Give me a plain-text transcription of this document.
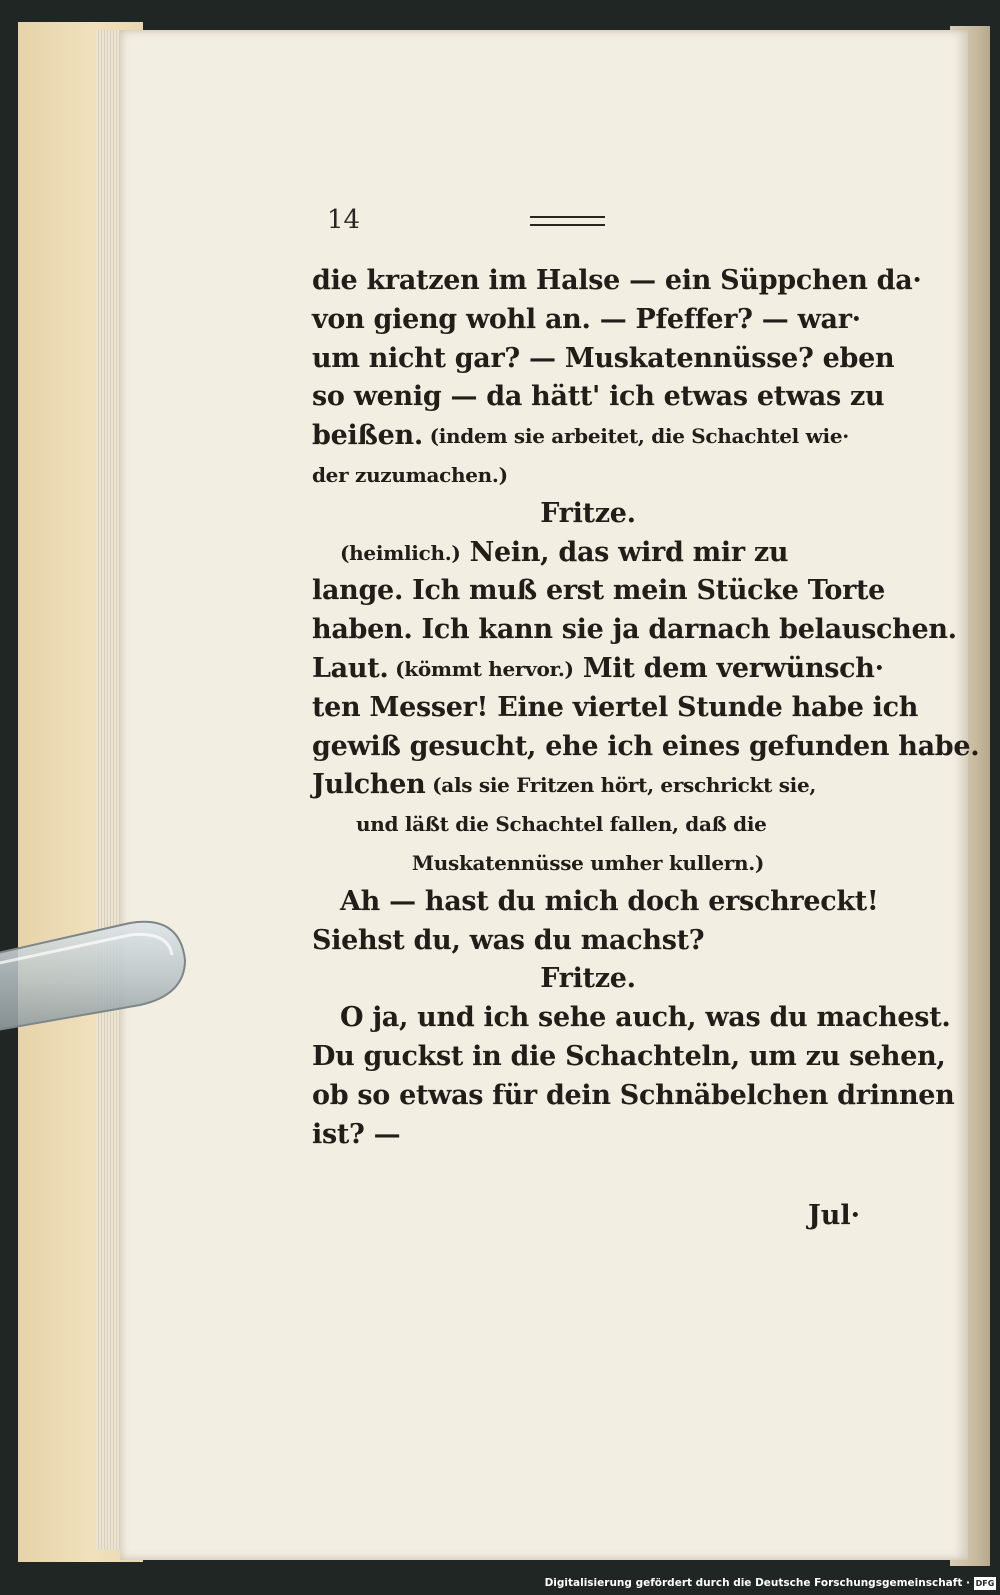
14
die kratzen im Halse — ein Süppchen da·
von gieng wohl an. — Pfeffer? — war·
um nicht gar? — Muskatennüsse? eben
so wenig — da hätt' ich etwas etwas zu
beißen. (indem sie arbeitet, die Schachtel wie·
der zuzumachen.)
Fritze.
(heimlich.) Nein, das wird mir zu
lange. Ich muß erst mein Stücke Torte
haben. Ich kann sie ja darnach belauschen.
Laut. (kömmt hervor.) Mit dem verwünsch·
ten Messer! Eine viertel Stunde habe ich
gewiß gesucht, ehe ich eines gefunden habe.
Julchen (als sie Fritzen hört, erschrickt sie,
und läßt die Schachtel fallen, daß die
Muskatennüsse umher kullern.)
Ah — hast du mich doch erschreckt!
Siehst du, was du machst?
Fritze.
O ja, und ich sehe auch, was du machest.
Du guckst in die Schachteln, um zu sehen,
ob so etwas für dein Schnäbelchen drinnen
ist? —
Jul·
Digitalisierung gefördert durch die Deutsche Forschungsgemeinschaft · DFG
